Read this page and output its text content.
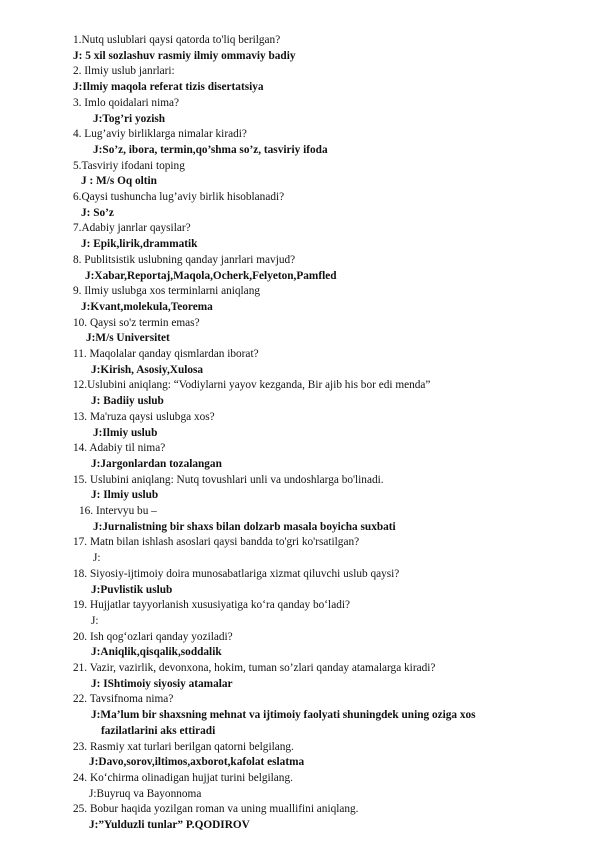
1.Nutq uslublari qaysi qatorda to'liq berilgan?
J: 5 xil sozlashuv rasmiy ilmiy ommaviy badiy
2. Ilmiy uslub janrlari:
J:Ilmiy maqola referat tizis disertatsiya
3. Imlo qoidalari nima?
J:Tog’ri yozish
4. Lug’aviy birliklarga nimalar kiradi?
J:So’z, ibora, termin,qo’shma so’z, tasviriy ifoda
5.Tasviriy ifodani toping
J : M/s Oq oltin
6.Qaysi tushuncha lug’aviy birlik hisoblanadi?
J: So’z
7.Adabiy janrlar qaysilar?
J: Epik,lirik,drammatik
8. Publitsistik uslubning qanday janrlari mavjud?
J:Xabar,Reportaj,Maqola,Ocherk,Felyeton,Pamfled
9. Ilmiy uslubga xos terminlarni aniqlang
J:Kvant,molekula,Teorema
10. Qaysi so'z termin emas?
J:M/s Universitet
11. Maqolalar qanday qismlardan iborat?
J:Kirish, Asosiy,Xulosa
12.Uslubini aniqlang: “Vodiylarni yayov kezganda, Bir ajib his bor edi menda”
J: Badiiy uslub
13. Ma'ruza qaysi uslubga xos?
J:Ilmiy uslub
14. Adabiy til nima?
J:Jargonlardan tozalangan
15. Uslubini aniqlang: Nutq tovushlari unli va undoshlarga bo'linadi.
J: Ilmiy uslub
16. Intervyu bu –
J:Jurnalistning bir shaxs bilan dolzarb masala boyicha suxbati
17. Matn bilan ishlash asoslari qaysi bandda to'gri ko'rsatilgan?
J:
18. Siyosiy-ijtimoiy doira munosabatlariga xizmat qiluvchi uslub qaysi?
J:Puvlistik uslub
19. Hujjatlar tayyorlanish xususiyatiga ko‘ra qanday bo‘ladi?
J:
20. Ish qog‘ozlari qanday yoziladi?
J:Aniqlik,qisqalik,soddalik
21. Vazir, vazirlik, devonxona, hokim, tuman so’zlari qanday atamalarga kiradi?
J: IShtimoiy siyosiy atamalar
22. Tavsifnoma nima?
J:Ma’lum bir shaxsning mehnat va ijtimoiy faolyati shuningdek uning oziga xos
fazilatlarini aks ettiradi
23. Rasmiy xat turlari berilgan qatorni belgilang.
J:Davo,sorov,iltimos,axborot,kafolat eslatma
24. Ko‘chirma olinadigan hujjat turini belgilang.
J:Buyruq va Bayonnoma
25. Bobur haqida yozilgan roman va uning muallifini aniqlang.
J:”Yulduzli tunlar” P.QODIROV
